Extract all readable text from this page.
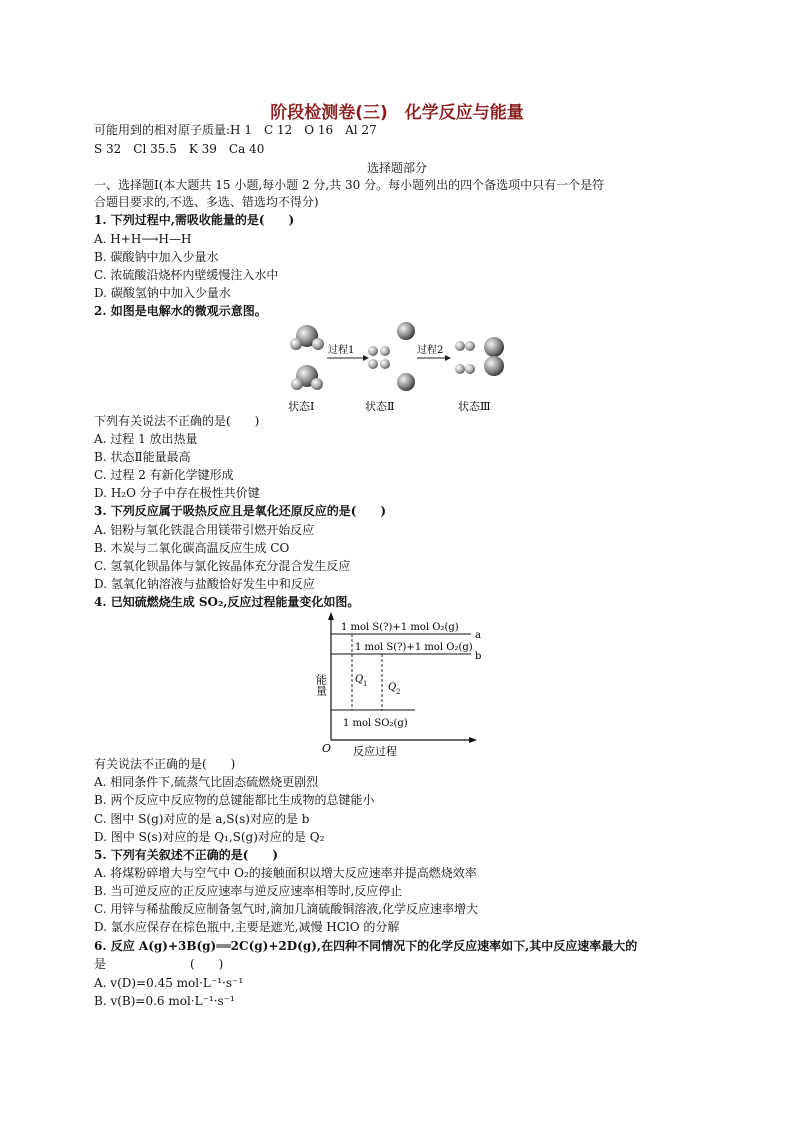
阶段检测卷(三)　化学反应与能量
可能用到的相对原子质量:H 1　C 12　O 16　Al 27
S 32　Cl 35.5　K 39　Ca 40
选择题部分
一、选择题Ⅰ(本大题共 15 小题,每小题 2 分,共 30 分。每小题列出的四个备选项中只有一个是符
合题目要求的,不选、多选、错选均不得分)
1. 下列过程中,需吸收能量的是(　　)
A. H+H⟶H—H
B. 碳酸钠中加入少量水
C. 浓硫酸沿烧杯内壁缓慢注入水中
D. 碳酸氢钠中加入少量水
2. 如图是电解水的微观示意图。
过程1	过程2
状态Ⅰ	状态Ⅱ	状态Ⅲ
下列有关说法不正确的是(　　)
A. 过程 1 放出热量
B. 状态Ⅱ能量最高
C. 过程 2 有新化学键形成
D. H₂O 分子中存在极性共价键
3. 下列反应属于吸热反应且是氧化还原反应的是(　　)
A. 铝粉与氧化铁混合用镁带引燃开始反应
B. 木炭与二氧化碳高温反应生成 CO
C. 氢氧化钡晶体与氯化铵晶体充分混合发生反应
D. 氢氧化钠溶液与盐酸恰好发生中和反应
4. 已知硫燃烧生成 SO₂,反应过程能量变化如图。
1 mol S(?)+1 mol O₂(g)
1 mol S(?)+1 mol O₂(g)
1 mol SO₂(g)
a
b
Q 1 Q 2
O 反应过程
能量
有关说法不正确的是(　　)
A. 相同条件下,硫蒸气比固态硫燃烧更剧烈
B. 两个反应中反应物的总键能都比生成物的总键能小
C. 图中 S(g)对应的是 a,S(s)对应的是 b
D. 图中 S(s)对应的是 Q₁,S(g)对应的是 Q₂
5. 下列有关叙述不正确的是(　　)
A. 将煤粉碎增大与空气中 O₂的接触面积以增大反应速率并提高燃烧效率
B. 当可逆反应的正反应速率与逆反应速率相等时,反应停止
C. 用锌与稀盐酸反应制备氢气时,滴加几滴硫酸铜溶液,化学反应速率增大
D. 氯水应保存在棕色瓶中,主要是遮光,减慢 HClO 的分解
6. 反应 A(g)+3B(g)══2C(g)+2D(g),在四种不同情况下的化学反应速率如下,其中反应速率最大的
是　　　　　　　(　　)
A. v(D)=0.45 mol·L⁻¹·s⁻¹
B. v(B)=0.6 mol·L⁻¹·s⁻¹
